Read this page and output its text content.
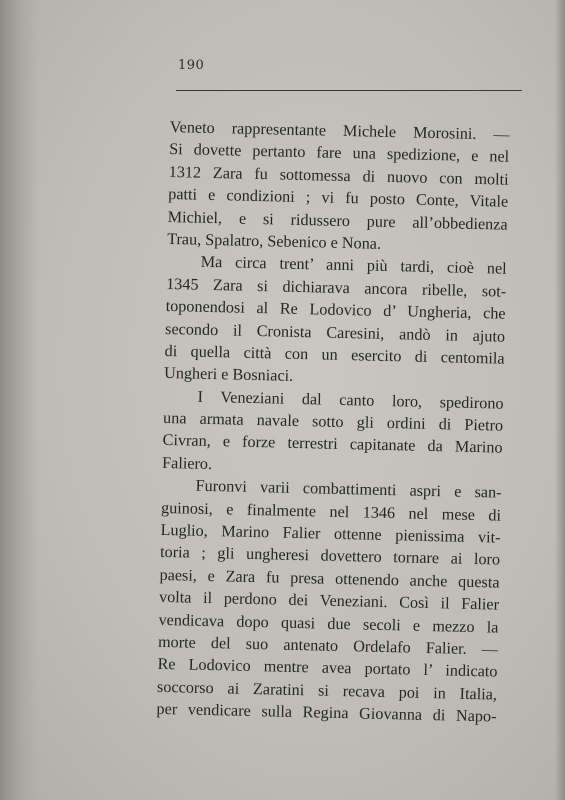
190
Veneto rappresentante Michele Morosini. —
Si dovette pertanto fare una spedizione, e nel
1312 Zara fu sottomessa di nuovo con molti
patti e condizioni ; vi fu posto Conte, Vitale
Michiel, e si ridussero pure all’obbedienza
Trau, Spalatro, Sebenico e Nona.
Ma circa trent’ anni più tardi, cioè nel
1345 Zara si dichiarava ancora ribelle, sot-
toponendosi al Re Lodovico d’ Ungheria, che
secondo il Cronista Caresini, andò in ajuto
di quella città con un esercito di centomila
Ungheri e Bosniaci.
I Veneziani dal canto loro, spedirono
una armata navale sotto gli ordini di Pietro
Civran, e forze terrestri capitanate da Marino
Faliero.
Furonvi varii combattimenti aspri e san-
guinosi, e finalmente nel 1346 nel mese di
Luglio, Marino Falier ottenne pienissima vit-
toria ; gli ungheresi dovettero tornare ai loro
paesi, e Zara fu presa ottenendo anche questa
volta il perdono dei Veneziani. Così il Falier
vendicava dopo quasi due secoli e mezzo la
morte del suo antenato Ordelafo Falier. —
Re Lodovico mentre avea portato l’ indicato
soccorso ai Zaratini si recava poi in Italia,
per vendicare sulla Regina Giovanna di Napo-
